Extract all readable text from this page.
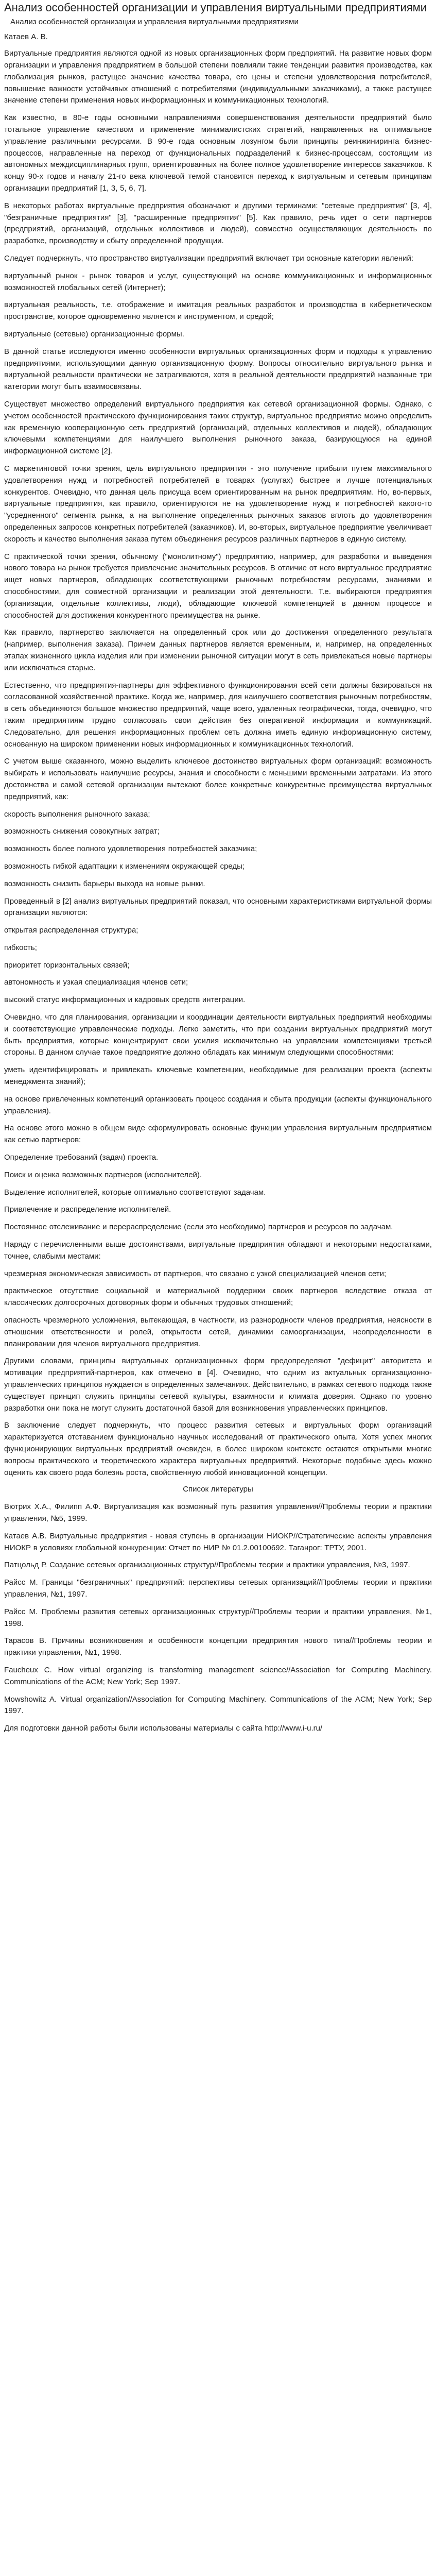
Анализ особенностей организации и управления виртуальными предприятиями
Анализ особенностей организации и управления виртуальными предприятиями
Катаев А. В.

Виртуальные предприятия являются одной из новых организационных форм предприятий. На развитие новых форм организации и управления предприятием в большой степени повлияли такие тенденции развития производства, как глобализация рынков, растущее значение качества товара, его цены и степени удовлетворения потребителей, повышение важности устойчивых отношений с потребителями (индивидуальными заказчиками), а также растущее значение степени применения новых информационных и коммуникационных технологий.

Как известно, в 80-е годы основными направлениями совершенствования деятельности предприятий было тотальное управление качеством и применение минималистских стратегий, направленных на оптимальное управление различными ресурсами. В 90-е года основным лозунгом были принципы реинжиниринга бизнес-процессов, направленные на переход от функциональных подразделений к бизнес-процессам, состоящим из автономных междисциплинарных групп, ориентированных на более полное удовлетворение интересов заказчиков. К концу 90-х годов и началу 21-го века ключевой темой становится переход к виртуальным и сетевым принципам организации предприятий [1, 3, 5, 6, 7].

В некоторых работах виртуальные предприятия обозначают и другими терминами: "сетевые предприятия" [3, 4], "безграничные предприятия" [3], "расширенные предприятия" [5]. Как правило, речь идет о сети партнеров (предприятий, организаций, отдельных коллективов и людей), совместно осуществляющих деятельность по разработке, производству и сбыту определенной продукции.

Следует подчеркнуть, что пространство виртуализации предприятий включает три основные категории явлений:

виртуальный рынок - рынок товаров и услуг, существующий на основе коммуникационных и информационных возможностей глобальных сетей (Интернет);

виртуальная реальность, т.е. отображение и имитация реальных разработок и производства в кибернетическом пространстве, которое одновременно является и инструментом, и средой;

виртуальные (сетевые) организационные формы.

В данной статье исследуются именно особенности виртуальных организационных форм и подходы к управлению предприятиями, использующими данную организационную форму. Вопросы относительно виртуального рынка и виртуальной реальности практически не затрагиваются, хотя в реальной деятельности предприятий названные три категории могут быть взаимосвязаны.

Существует множество определений виртуального предприятия как сетевой организационной формы. Однако, с учетом особенностей практического функционирования таких структур, виртуальное предприятие можно определить как временную кооперационную сеть предприятий (организаций, отдельных коллективов и людей), обладающих ключевыми компетенциями для наилучшего выполнения рыночного заказа, базирующуюся на единой информационной системе [2].

С маркетинговой точки зрения, цель виртуального предприятия - это получение прибыли путем максимального удовлетворения нужд и потребностей потребителей в товарах (услугах) быстрее и лучше потенциальных конкурентов. Очевидно, что данная цель присуща всем ориентированным на рынок предприятиям. Но, во-первых, виртуальные предприятия, как правило, ориентируются не на удовлетворение нужд и потребностей какого-то "усредненного" сегмента рынка, а на выполнение определенных рыночных заказов вплоть до удовлетворения определенных запросов конкретных потребителей (заказчиков). И, во-вторых, виртуальное предприятие увеличивает скорость и качество выполнения заказа путем объединения ресурсов различных партнеров в единую систему.

С практической точки зрения, обычному ("монолитному") предприятию, например, для разработки и выведения нового товара на рынок требуется привлечение значительных ресурсов. В отличие от него виртуальное предприятие ищет новых партнеров, обладающих соответствующими рыночным потребностям ресурсами, знаниями и способностями, для совместной организации и реализации этой деятельности. Т.е. выбираются предприятия (организации, отдельные коллективы, люди), обладающие ключевой компетенцией в данном процессе и способностей для достижения конкурентного преимущества на рынке.

Как правило, партнерство заключается на определенный срок или до достижения определенного результата (например, выполнения заказа). Причем данных партнеров является временным, и, например, на определенных этапах жизненного цикла изделия или при изменении рыночной ситуации могут в сеть привлекаться новые партнеры или исключаться старые.

Естественно, что предприятия-партнеры для эффективного функционирования всей сети должны базироваться на согласованной хозяйственной практике. Когда же, например, для наилучшего соответствия рыночным потребностям, в сеть объединяются большое множество предприятий, чаще всего, удаленных географически, тогда, очевидно, что таким предприятиям трудно согласовать свои действия без оперативной информации и коммуникаций. Следовательно, для решения информационных проблем сеть должна иметь единую информационную систему, основанную на широком применении новых информационных и коммуникационных технологий.

С учетом выше сказанного, можно выделить ключевое достоинство виртуальных форм организаций: возможность выбирать и использовать наилучшие ресурсы, знания и способности с меньшими временными затратами. Из этого достоинства и самой сетевой организации вытекают более конкретные конкурентные преимущества виртуальных предприятий, как:

скорость выполнения рыночного заказа;

возможность снижения совокупных затрат;

возможность более полного удовлетворения потребностей заказчика;

возможность гибкой адаптации к изменениям окружающей среды;

возможность снизить барьеры выхода на новые рынки.

Проведенный в [2] анализ виртуальных предприятий показал, что основными характеристиками виртуальной формы организации являются:

открытая распределенная структура;

гибкость;

приоритет горизонтальных связей;

автономность и узкая специализация членов сети;

высокий статус информационных и кадровых средств интеграции.

Очевидно, что для планирования, организации и координации деятельности виртуальных предприятий необходимы и соответствующие управленческие подходы. Легко заметить, что при создании виртуальных предприятий могут быть предприятия, которые концентрируют свои усилия исключительно на управлении компетенциями третьей стороны. В данном случае такое предприятие должно обладать как минимум следующими способностями:

уметь идентифицировать и привлекать ключевые компетенции, необходимые для реализации проекта (аспекты менеджмента знаний);

на основе привлеченных компетенций организовать процесс создания и сбыта продукции (аспекты функционального управления).

На основе этого можно в общем виде сформулировать основные функции управления виртуальным предприятием как сетью партнеров:

Определение требований (задач) проекта.

Поиск и оценка возможных партнеров (исполнителей).

Выделение исполнителей, которые оптимально соответствуют задачам.

Привлечение и распределение исполнителей.

Постоянное отслеживание и перераспределение (если это необходимо) партнеров и ресурсов по задачам.

Наряду с перечисленными выше достоинствами, виртуальные предприятия обладают и некоторыми недостатками, точнее, слабыми местами:

чрезмерная экономическая зависимость от партнеров, что связано с узкой специализацией членов сети;

практическое отсутствие социальной и материальной поддержки своих партнеров вследствие отказа от классических долгосрочных договорных форм и обычных трудовых отношений;

опасность чрезмерного усложнения, вытекающая, в частности, из разнородности членов предприятия, неясности в отношении ответственности и ролей, открытости сетей, динамики самоорганизации, неопределенности в планировании для членов виртуального предприятия.

Другими словами, принципы виртуальных организационных форм предопределяют "дефицит" авторитета и мотивации предприятий-партнеров, как отмечено в [4]. Очевидно, что одним из актуальных организационно-управленческих принципов нуждается в определенных замечаниях. Действительно, в рамках сетевого подхода также существует принцип служить принципы сетевой культуры, взаимности и климата доверия. Однако по уровню разработки они пока не могут служить достаточной базой для возникновения управленческих принципов.

В заключение следует подчеркнуть, что процесс развития сетевых и виртуальных форм организаций характеризуется отставанием функционально научных исследований от практического опыта. Хотя успех многих функционирующих виртуальных предприятий очевиден, в более широком контексте остаются открытыми многие вопросы практического и теоретического характера виртуальных предприятий. Некоторые подобные здесь можно оценить как своего рода болезнь роста, свойственную любой инновационной концепции.

Список литературы

Вютрих Х.А., Филипп А.Ф. Виртуализация как возможный путь развития управления//Проблемы теории и практики управления, №5, 1999.

Катаев А.В. Виртуальные предприятия - новая ступень в организации НИОКР//Стратегические аспекты управления НИОКР в условиях глобальной конкуренции: Отчет по НИР № 01.2.00100692. Таганрог: ТРТУ, 2001.

Патцольд Р. Создание сетевых организационных структур//Проблемы теории и практики управления, №3, 1997.

Райсс М. Границы "безграничных" предприятий: перспективы сетевых организаций//Проблемы теории и практики управления, №1, 1997.

Райсс М. Проблемы развития сетевых организационных структур//Проблемы теории и практики управления, №1, 1998.

Тарасов В. Причины возникновения и особенности концепции предприятия нового типа//Проблемы теории и практики управления, №1, 1998.

Faucheux C. How virtual organizing is transforming management science//Association for Computing Machinery. Communications of the ACM; New York; Sep 1997.

Mowshowitz A. Virtual organization//Association for Computing Machinery. Communications of the ACM; New York; Sep 1997.

Для подготовки данной работы были использованы материалы с сайта http://www.i-u.ru/
